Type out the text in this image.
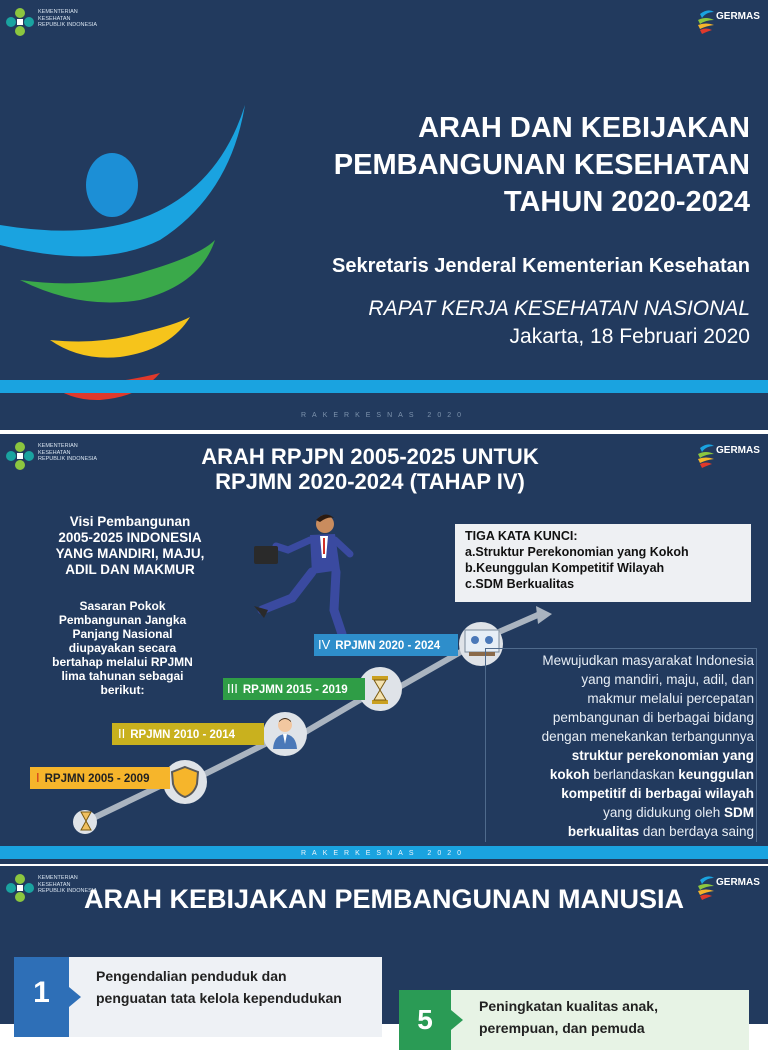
KEMENTERIAN KESEHATAN REPUBLIK INDONESIA
GERMAS
ARAH DAN KEBIJAKAN
PEMBANGUNAN KESEHATAN
TAHUN 2020-2024
Sekretaris Jenderal Kementerian Kesehatan
RAPAT KERJA KESEHATAN NASIONAL
Jakarta, 18 Februari 2020
RAKERKESNAS 2020
KEMENTERIAN KESEHATAN REPUBLIK INDONESIA
GERMAS
ARAH RPJPN 2005-2025 UNTUK
RPJMN 2020-2024 (TAHAP IV)
Visi Pembangunan
2005-2025 INDONESIA
YANG MANDIRI, MAJU,
ADIL DAN MAKMUR
Sasaran Pokok
Pembangunan Jangka
Panjang Nasional
diupayakan secara
bertahap melalui RPJMN
lima tahunan sebagai
berikut:
I RPJMN 2005 - 2009
II RPJMN 2010 - 2014
III RPJMN 2015 - 2019
IV RPJMN 2020 - 2024
TIGA KATA KUNCI:
a.Struktur Perekonomian yang Kokoh
b.Keunggulan Kompetitif Wilayah
c.SDM Berkualitas
Mewujudkan masyarakat Indonesia
yang mandiri, maju, adil, dan
makmur melalui percepatan
pembangunan di berbagai bidang
dengan menekankan terbangunnya
struktur perekonomian yang
kokoh berlandaskan keunggulan
kompetitif di berbagai wilayah
yang didukung oleh SDM
berkualitas dan berdaya saing
RAKERKESNAS 2020
KEMENTERIAN KESEHATAN REPUBLIK INDONESIA
GERMAS
ARAH KEBIJAKAN PEMBANGUNAN MANUSIA
1	Pengendalian penduduk dan
penguatan tata kelola kependudukan
5	Peningkatan kualitas anak,
perempuan, dan pemuda
